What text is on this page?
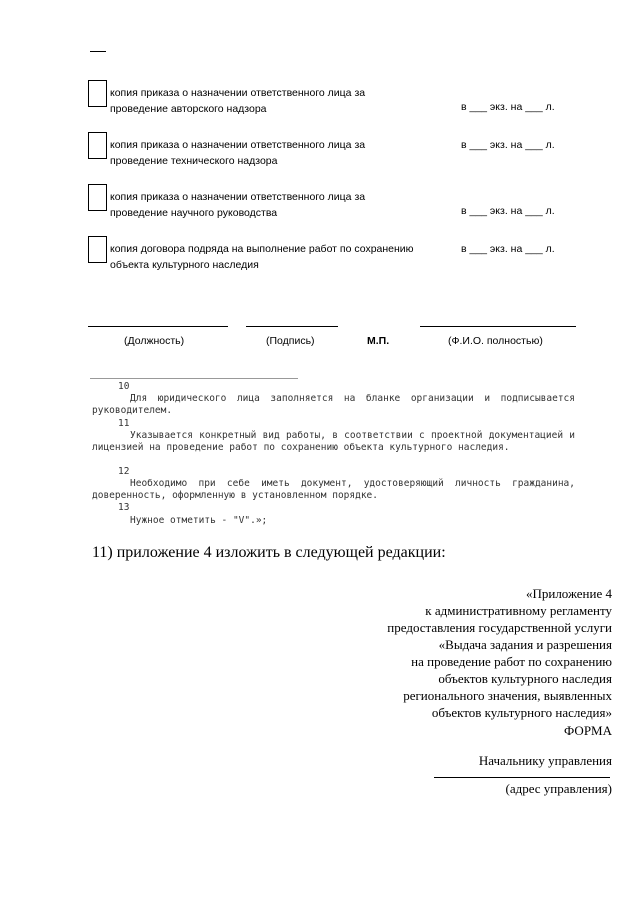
копия приказа о назначении ответственного лица за
проведение авторского надзора	в ___ экз. на ___ л.
копия приказа о назначении ответственного лица за
проведение технического надзора
в ___ экз. на ___ л.
копия приказа о назначении ответственного лица за
проведение научного руководства	в ___ экз. на ___ л.
копия договора подряда на выполнение работ по сохранению
объекта культурного наследия
в ___ экз. на ___ л.
(Должность)	(Подпись)	М.П.	(Ф.И.О. полностью)
10
Для юридического лица заполняется на бланке организации и подписывается руководителем.
11
Указывается конкретный вид работы, в соответствии с проектной документацией и лицензией на проведение работ по сохранению объекта культурного наследия.
12
Необходимо при себе иметь документ, удостоверяющий личность гражданина, доверенность, оформленную в установленном порядке.
13
Нужное отметить - "V".»;
11) приложение 4 изложить в следующей редакции:
«Приложение 4
к административному регламенту
предоставления государственной услуги
«Выдача задания и разрешения
на проведение работ по сохранению
объектов культурного наследия
регионального значения, выявленных
объектов культурного наследия»
ФОРМА
Начальнику управления
(адрес управления)
